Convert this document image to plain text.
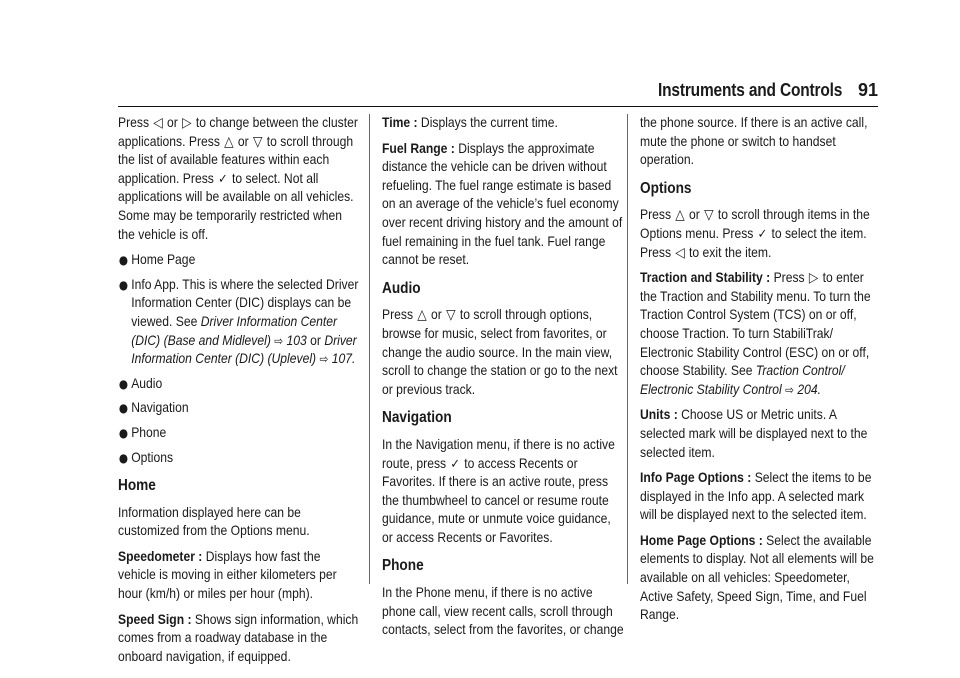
Instruments and Controls 91

Press ◁ or ▷ to change between the cluster applications. Press △ or ▽ to scroll through the list of available features within each application. Press ✓ to select. Not all applications will be available on all vehicles. Some may be temporarily restricted when the vehicle is off.

● Home Page
● Info App. This is where the selected Driver Information Center (DIC) displays can be viewed. See Driver Information Center (DIC) (Base and Midlevel) ⇨ 103 or Driver Information Center (DIC) (Uplevel) ⇨ 107.
● Audio
● Navigation
● Phone
● Options
Home

Information displayed here can be customized from the Options menu.

Speedometer : Displays how fast the vehicle is moving in either kilometers per hour (km/h) or miles per hour (mph).

Speed Sign : Shows sign information, which comes from a roadway database in the onboard navigation, if equipped.

Time : Displays the current time.

Fuel Range : Displays the approximate distance the vehicle can be driven without refueling. The fuel range estimate is based on an average of the vehicle’s fuel economy over recent driving history and the amount of fuel remaining in the fuel tank. Fuel range cannot be reset.

Audio

Press △ or ▽ to scroll through options, browse for music, select from favorites, or change the audio source. In the main view, scroll to change the station or go to the next or previous track.

Navigation

In the Navigation menu, if there is no active route, press ✓ to access Recents or Favorites. If there is an active route, press the thumbwheel to cancel or resume route guidance, mute or unmute voice guidance, or access Recents or Favorites.

Phone

In the Phone menu, if there is no active phone call, view recent calls, scroll through contacts, select from the favorites, or change

the phone source. If there is an active call, mute the phone or switch to handset operation.

Options

Press △ or ▽ to scroll through items in the Options menu. Press ✓ to select the item. Press ◁ to exit the item.

Traction and Stability : Press ▷ to enter the Traction and Stability menu. To turn the Traction Control System (TCS) on or off, choose Traction. To turn StabiliTrak/ Electronic Stability Control (ESC) on or off, choose Stability. See Traction Control/ Electronic Stability Control ⇨ 204.

Units : Choose US or Metric units. A selected mark will be displayed next to the selected item.

Info Page Options : Select the items to be displayed in the Info app. A selected mark will be displayed next to the selected item.

Home Page Options : Select the available elements to display. Not all elements will be available on all vehicles: Speedometer, Active Safety, Speed Sign, Time, and Fuel Range.
